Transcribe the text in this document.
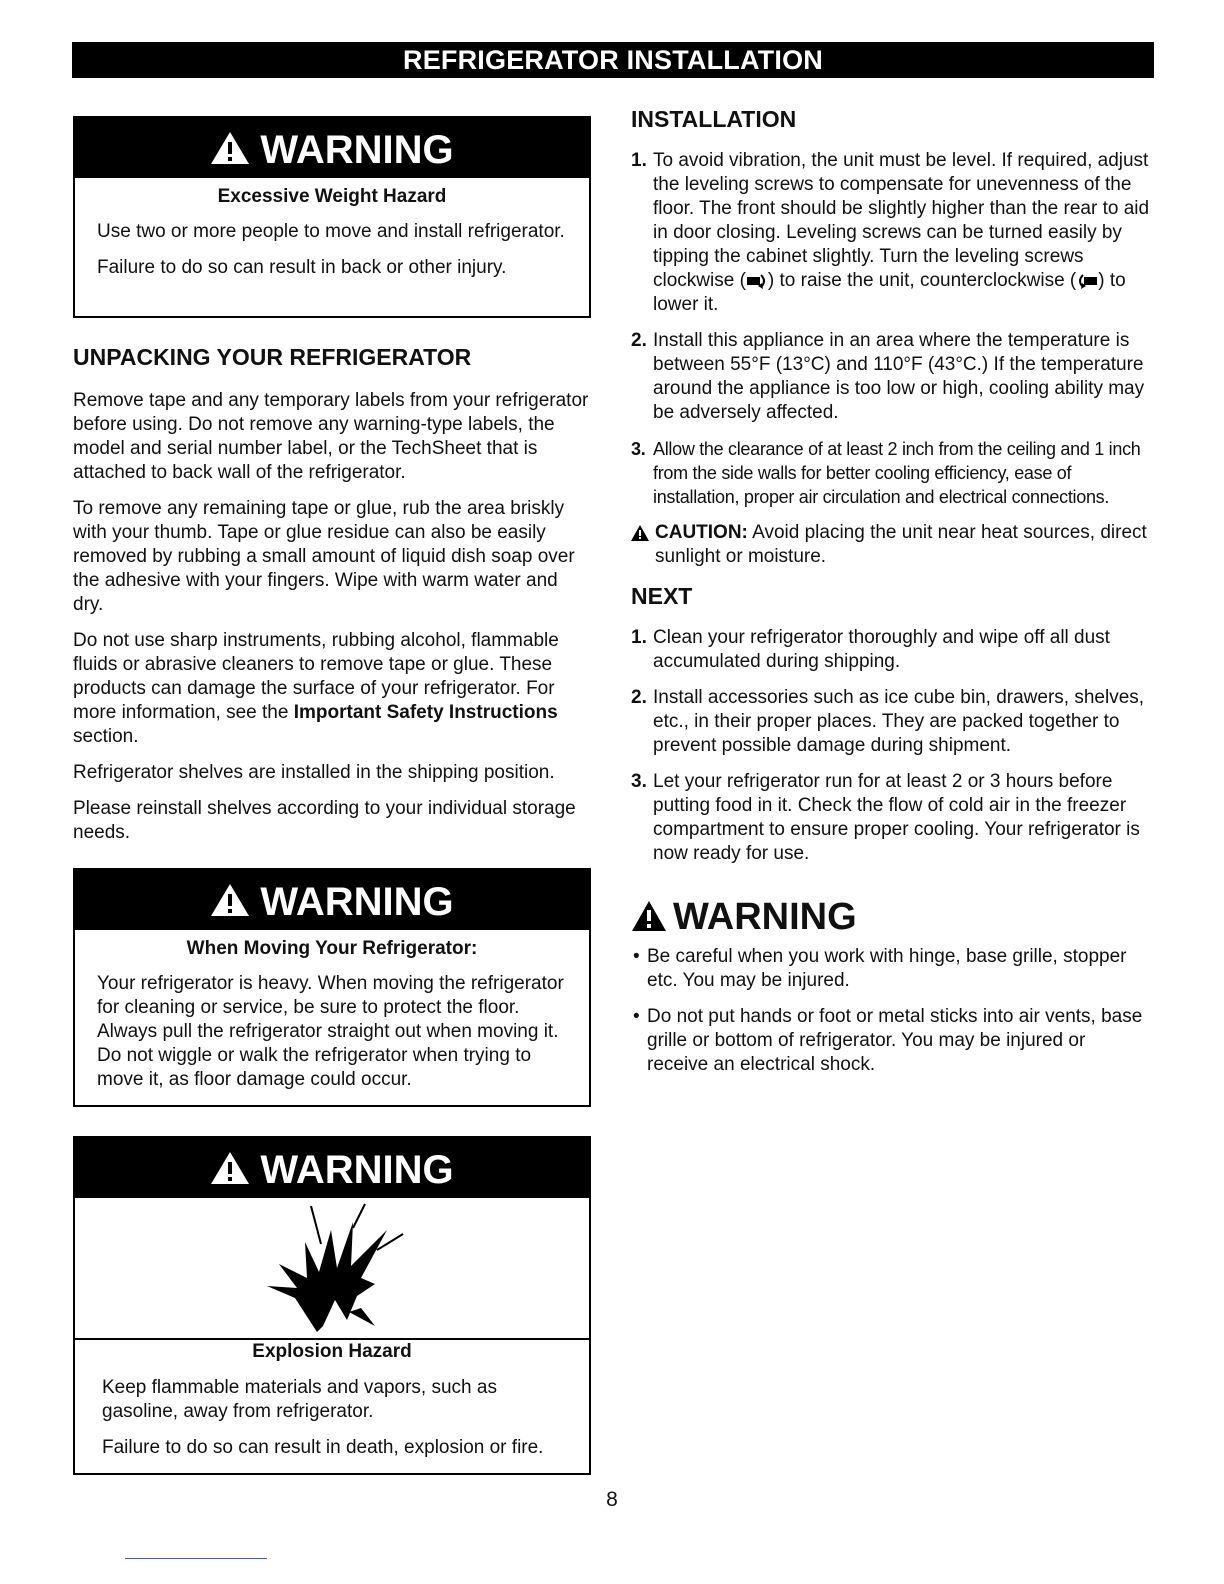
REFRIGERATOR INSTALLATION
WARNING
Excessive Weight Hazard

Use two or more people to move and install refrigerator.

Failure to do so can result in back or other injury.

UNPACKING YOUR REFRIGERATOR

Remove tape and any temporary labels from your refrigerator before using. Do not remove any warning-type labels, the model and serial number label, or the TechSheet that is attached to back wall of the refrigerator.

To remove any remaining tape or glue, rub the area briskly with your thumb. Tape or glue residue can also be easily removed by rubbing a small amount of liquid dish soap over the adhesive with your fingers. Wipe with warm water and dry.

Do not use sharp instruments, rubbing alcohol, flammable fluids or abrasive cleaners to remove tape or glue. These products can damage the surface of your refrigerator. For more information, see the Important Safety Instructions section.

Refrigerator shelves are installed in the shipping position.

Please reinstall shelves according to your individual storage needs.

WARNING
When Moving Your Refrigerator:

Your refrigerator is heavy. When moving the refrigerator for cleaning or service, be sure to protect the floor. Always pull the refrigerator straight out when moving it. Do not wiggle or walk the refrigerator when trying to move it, as floor damage could occur.

WARNING
Explosion Hazard

Keep flammable materials and vapors, such as gasoline, away from refrigerator.

Failure to do so can result in death, explosion or fire.

INSTALLATION
1. To avoid vibration, the unit must be level. If required, adjust the leveling screws to compensate for unevenness of the floor. The front should be slightly higher than the rear to aid in door closing. Leveling screws can be turned easily by tipping the cabinet slightly. Turn the leveling screws clockwise ( ) to raise the unit, counterclockwise ( ) to lower it.
2. Install this appliance in an area where the temperature is between 55°F (13°C) and 110°F (43°C.) If the temperature around the appliance is too low or high, cooling ability may be adversely affected.
3. Allow the clearance of at least 2 inch from the ceiling and 1 inch from the side walls for better cooling efficiency, ease of installation, proper air circulation and electrical connections.

CAUTION: Avoid placing the unit near heat sources, direct sunlight or moisture.

NEXT
1. Clean your refrigerator thoroughly and wipe off all dust accumulated during shipping.
2. Install accessories such as ice cube bin, drawers, shelves, etc., in their proper places. They are packed together to prevent possible damage during shipment.
3. Let your refrigerator run for at least 2 or 3 hours before putting food in it. Check the flow of cold air in the freezer compartment to ensure proper cooling. Your refrigerator is now ready for use.
WARNING
• Be careful when you work with hinge, base grille, stopper etc. You may be injured.
• Do not put hands or foot or metal sticks into air vents, base grille or bottom of refrigerator. You may be injured or receive an electrical shock.
8
